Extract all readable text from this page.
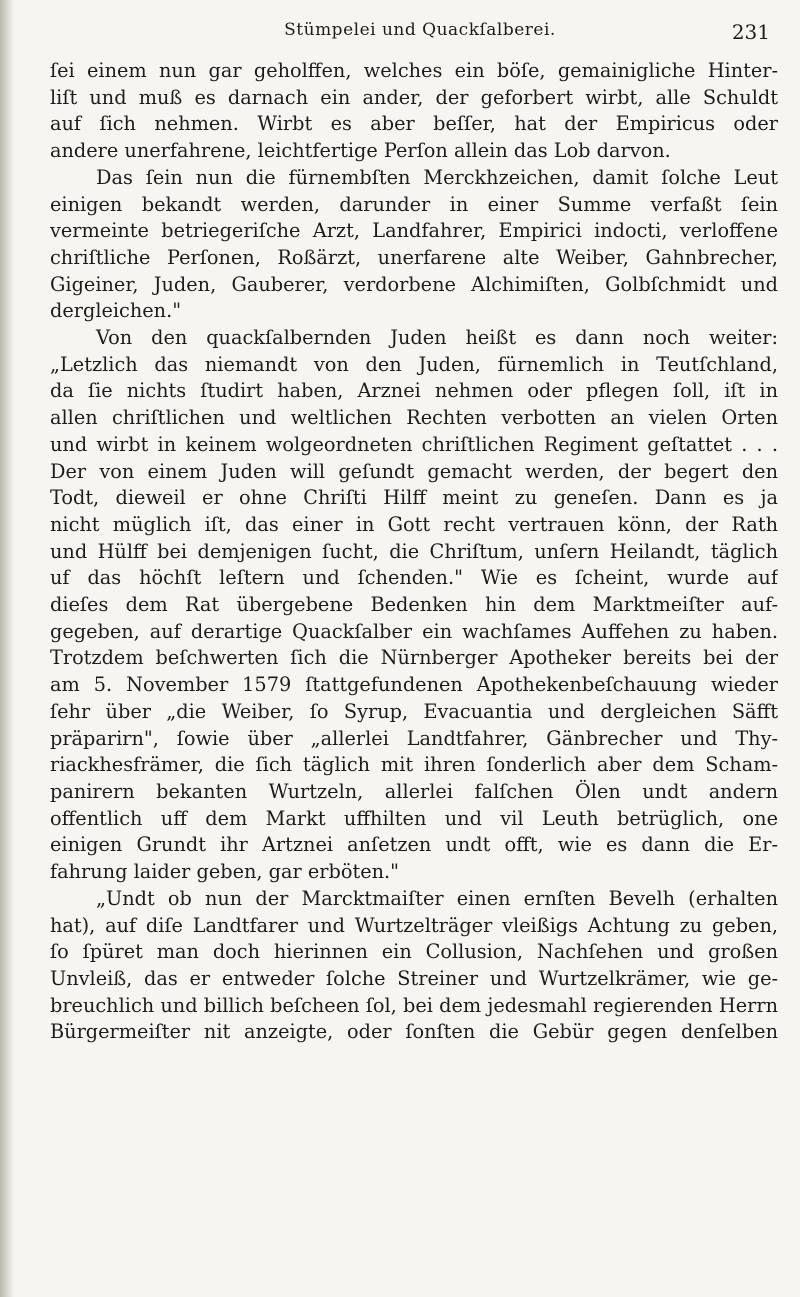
Stümpelei und Quackſalberei.	231
ſei einem nun gar geholffen, welches ein böſe, gemainigliche Hinter-
liſt und muß es darnach ein ander, der geforbert wirbt, alle Schuldt
auf ſich nehmen. Wirbt es aber beſſer, hat der Empiricus oder
andere unerfahrene, leichtfertige Perſon allein das Lob darvon.
Das ſein nun die fürnembſten Merckhzeichen, damit ſolche Leut
einigen bekandt werden, darunder in einer Summe verfaßt ſein
vermeinte betriegeriſche Arzt, Landfahrer, Empirici indocti, verloffene
chriſtliche Perſonen, Roßärzt, unerfarene alte Weiber, Gahnbrecher,
Gigeiner, Juden, Gauberer, verdorbene Alchimiſten, Golbſchmidt und
dergleichen."
Von den quackſalbernden Juden heißt es dann noch weiter:
„Letzlich das niemandt von den Juden, fürnemlich in Teutſchland,
da ſie nichts ſtudirt haben, Arznei nehmen oder pflegen ſoll, iſt in
allen chriſtlichen und weltlichen Rechten verbotten an vielen Orten
und wirbt in keinem wolgeordneten chriſtlichen Regiment geſtattet . . .
Der von einem Juden will geſundt gemacht werden, der begert den
Todt, dieweil er ohne Chriſti Hilff meint zu geneſen. Dann es ja
nicht müglich iſt, das einer in Gott recht vertrauen könn, der Rath
und Hülff bei demjenigen ſucht, die Chriſtum, unſern Heilandt, täglich
uf das höchſt leſtern und ſchenden." Wie es ſcheint, wurde auf
dieſes dem Rat übergebene Bedenken hin dem Marktmeiſter auf-
gegeben, auf derartige Quackſalber ein wachſames Auffehen zu haben.
Trotzdem beſchwerten ſich die Nürnberger Apotheker bereits bei der
am 5. November 1579 ſtattgefundenen Apothekenbeſchauung wieder
ſehr über „die Weiber, ſo Syrup, Evacuantia und dergleichen Säfft
präparirn", ſowie über „allerlei Landtfahrer, Gänbrecher und Thy-
riackhesfrämer, die ſich täglich mit ihren ſonderlich aber dem Scham-
panirern bekanten Wurtzeln, allerlei falſchen Ölen undt andern
offentlich uff dem Markt uffhilten und vil Leuth betrüglich, one
einigen Grundt ihr Artznei anſetzen undt offt, wie es dann die Er-
fahrung laider geben, gar erböten."
„Undt ob nun der Marcktmaiſter einen ernſten Bevelh (erhalten
hat), auf diſe Landtfarer und Wurtzelträger vleißigs Achtung zu geben,
ſo ſpüret man doch hierinnen ein Collusion, Nachſehen und großen
Unvleiß, das er entweder ſolche Streiner und Wurtzelkrämer, wie ge-
breuchlich und billich beſcheen ſol, bei dem jedesmahl regierenden Herrn
Bürgermeiſter nit anzeigte, oder ſonſten die Gebür gegen denſelben
